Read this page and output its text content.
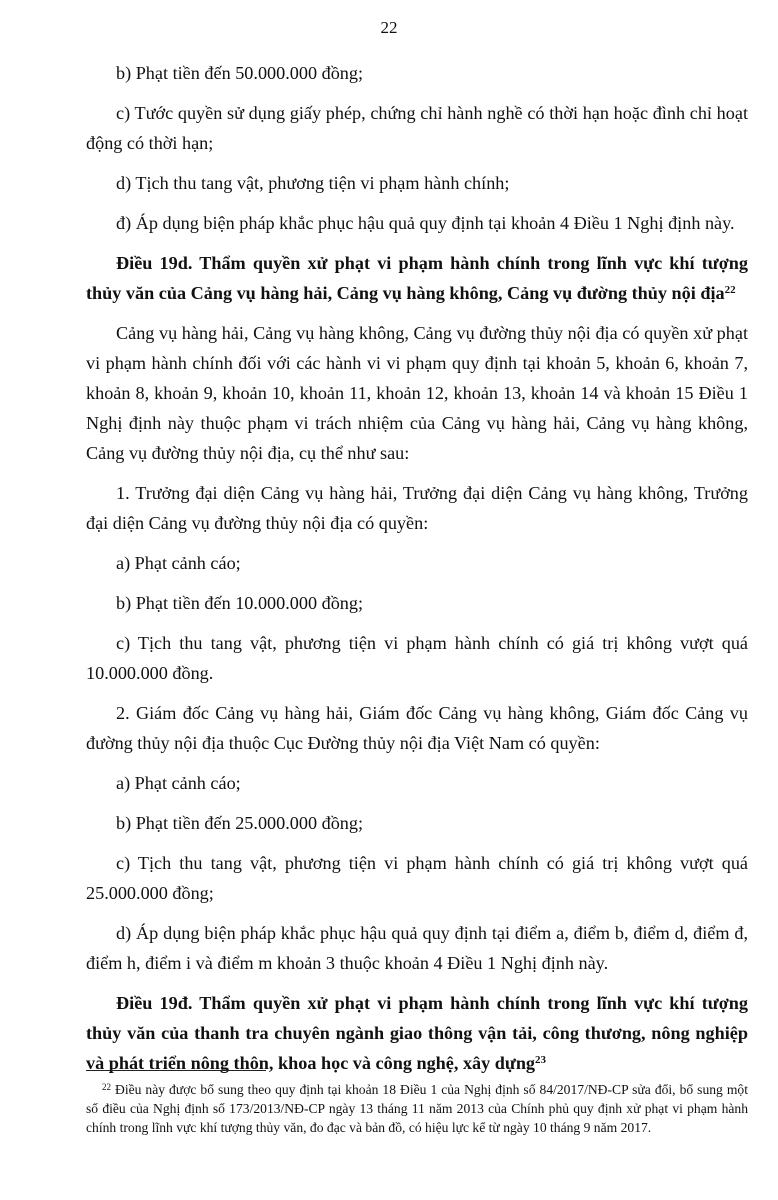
22

b) Phạt tiền đến 50.000.000 đồng;

c) Tước quyền sử dụng giấy phép, chứng chỉ hành nghề có thời hạn hoặc đình chỉ hoạt động có thời hạn;

d) Tịch thu tang vật, phương tiện vi phạm hành chính;

đ) Áp dụng biện pháp khắc phục hậu quả quy định tại khoản 4 Điều 1 Nghị định này.

Điều 19d. Thẩm quyền xử phạt vi phạm hành chính trong lĩnh vực khí tượng thủy văn của Cảng vụ hàng hải, Cảng vụ hàng không, Cảng vụ đường thủy nội địa$^{22}$

Cảng vụ hàng hải, Cảng vụ hàng không, Cảng vụ đường thủy nội địa có quyền xử phạt vi phạm hành chính đối với các hành vi vi phạm quy định tại khoản 5, khoản 6, khoản 7, khoản 8, khoản 9, khoản 10, khoản 11, khoản 12, khoản 13, khoản 14 và khoản 15 Điều 1 Nghị định này thuộc phạm vi trách nhiệm của Cảng vụ hàng hải, Cảng vụ hàng không, Cảng vụ đường thủy nội địa, cụ thể như sau:

1. Trưởng đại diện Cảng vụ hàng hải, Trưởng đại diện Cảng vụ hàng không, Trưởng đại diện Cảng vụ đường thủy nội địa có quyền:

a) Phạt cảnh cáo;

b) Phạt tiền đến 10.000.000 đồng;

c) Tịch thu tang vật, phương tiện vi phạm hành chính có giá trị không vượt quá 10.000.000 đồng.

2. Giám đốc Cảng vụ hàng hải, Giám đốc Cảng vụ hàng không, Giám đốc Cảng vụ đường thủy nội địa thuộc Cục Đường thủy nội địa Việt Nam có quyền:

a) Phạt cảnh cáo;

b) Phạt tiền đến 25.000.000 đồng;

c) Tịch thu tang vật, phương tiện vi phạm hành chính có giá trị không vượt quá 25.000.000 đồng;

d) Áp dụng biện pháp khắc phục hậu quả quy định tại điểm a, điểm b, điểm d, điểm đ, điểm h, điểm i và điểm m khoản 3 thuộc khoản 4 Điều 1 Nghị định này.

Điều 19đ. Thẩm quyền xử phạt vi phạm hành chính trong lĩnh vực khí tượng thủy văn của thanh tra chuyên ngành giao thông vận tải, công thương, nông nghiệp và phát triển nông thôn, khoa học và công nghệ, xây dựng$^{23}$

$^{22}$ Điều này được bổ sung theo quy định tại khoản 18 Điều 1 của Nghị định số 84/2017/NĐ-CP sửa đổi, bổ sung một số điều của Nghị định số 173/2013/NĐ-CP ngày 13 tháng 11 năm 2013 của Chính phủ quy định xử phạt vi phạm hành chính trong lĩnh vực khí tượng thủy văn, đo đạc và bản đồ, có hiệu lực kể từ ngày 10 tháng 9 năm 2017.
